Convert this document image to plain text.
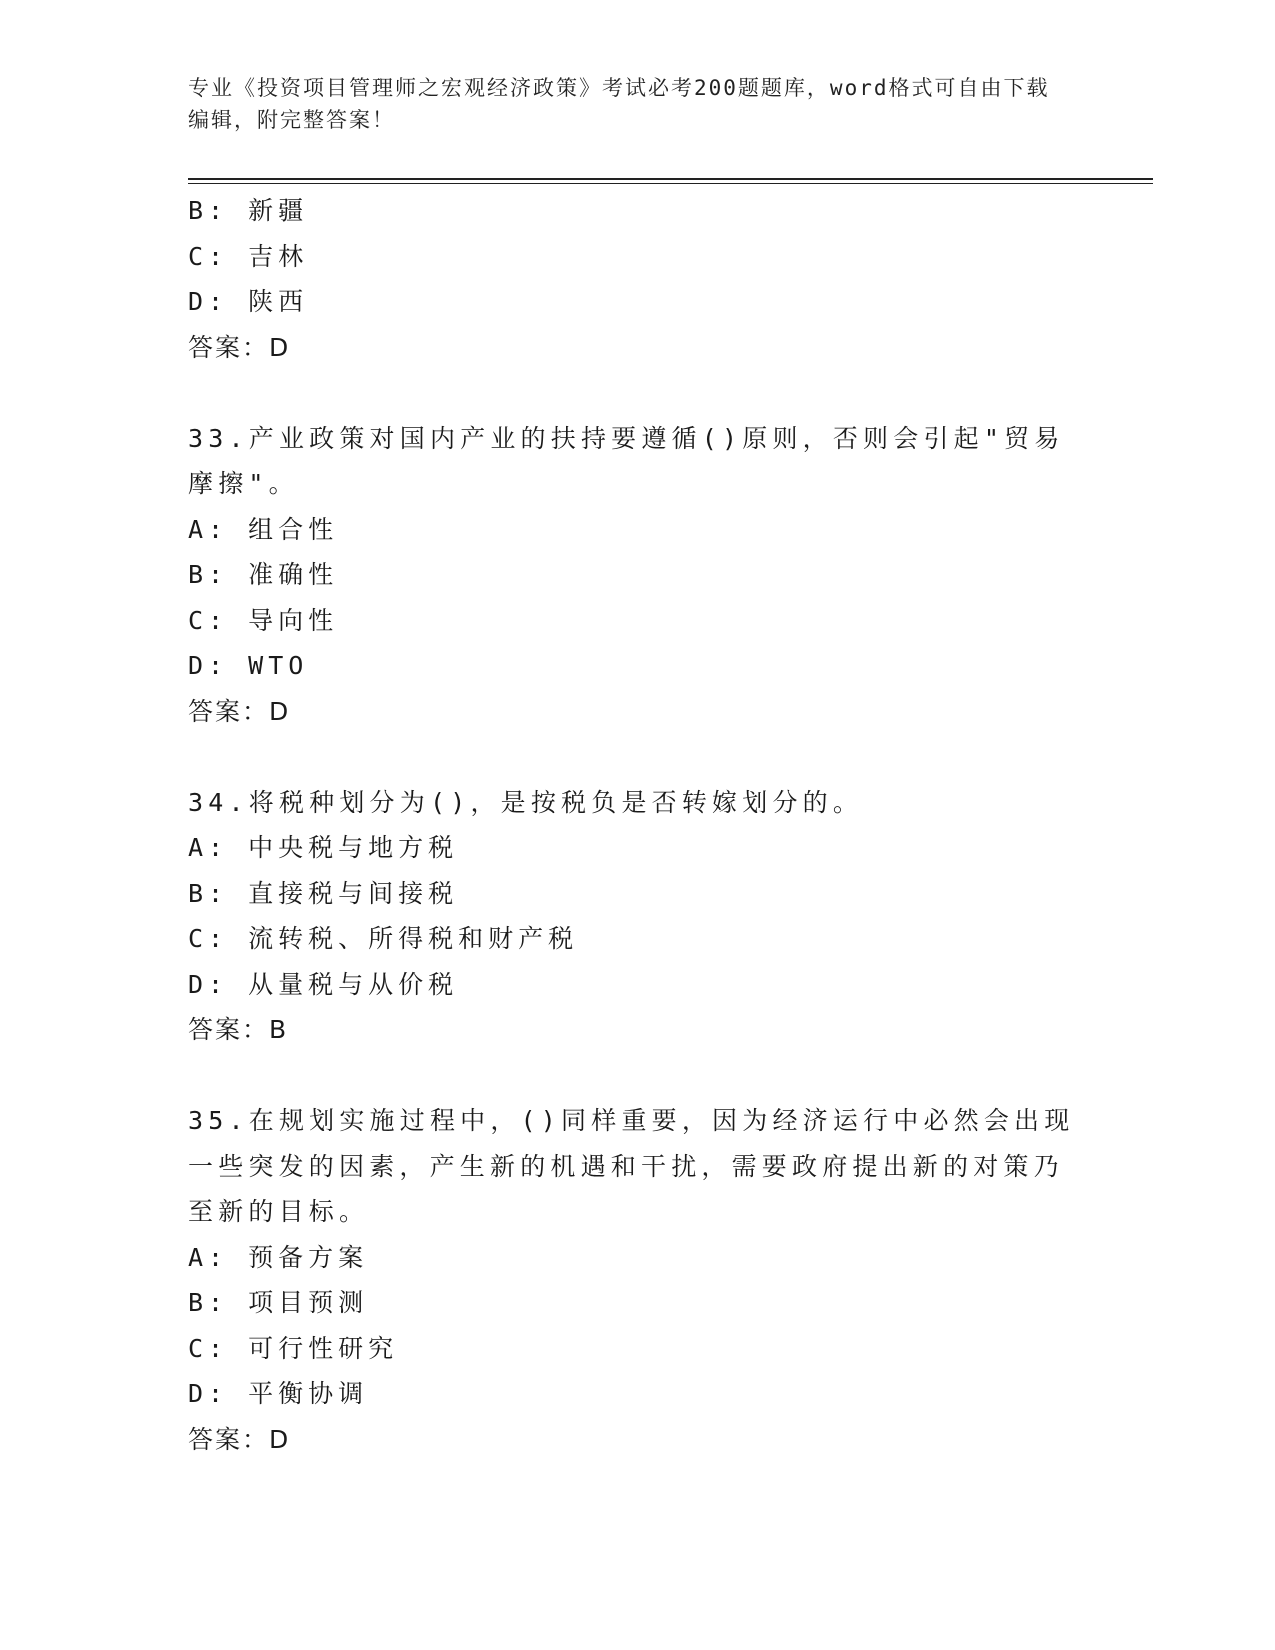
专业《投资项目管理师之宏观经济政策》考试必考200题题库，word格式可自由下载编辑，附完整答案！
B: 新疆
C: 吉林
D: 陕西
答案：D
33.产业政策对国内产业的扶持要遵循()原则，否则会引起"贸易摩擦"。
A: 组合性
B: 准确性
C: 导向性
D: WTO
答案：D
34.将税种划分为()，是按税负是否转嫁划分的。
A: 中央税与地方税
B: 直接税与间接税
C: 流转税、所得税和财产税
D: 从量税与从价税
答案：B
35.在规划实施过程中，()同样重要，因为经济运行中必然会出现一些突发的因素，产生新的机遇和干扰，需要政府提出新的对策乃至新的目标。
A: 预备方案
B: 项目预测
C: 可行性研究
D: 平衡协调
答案：D
